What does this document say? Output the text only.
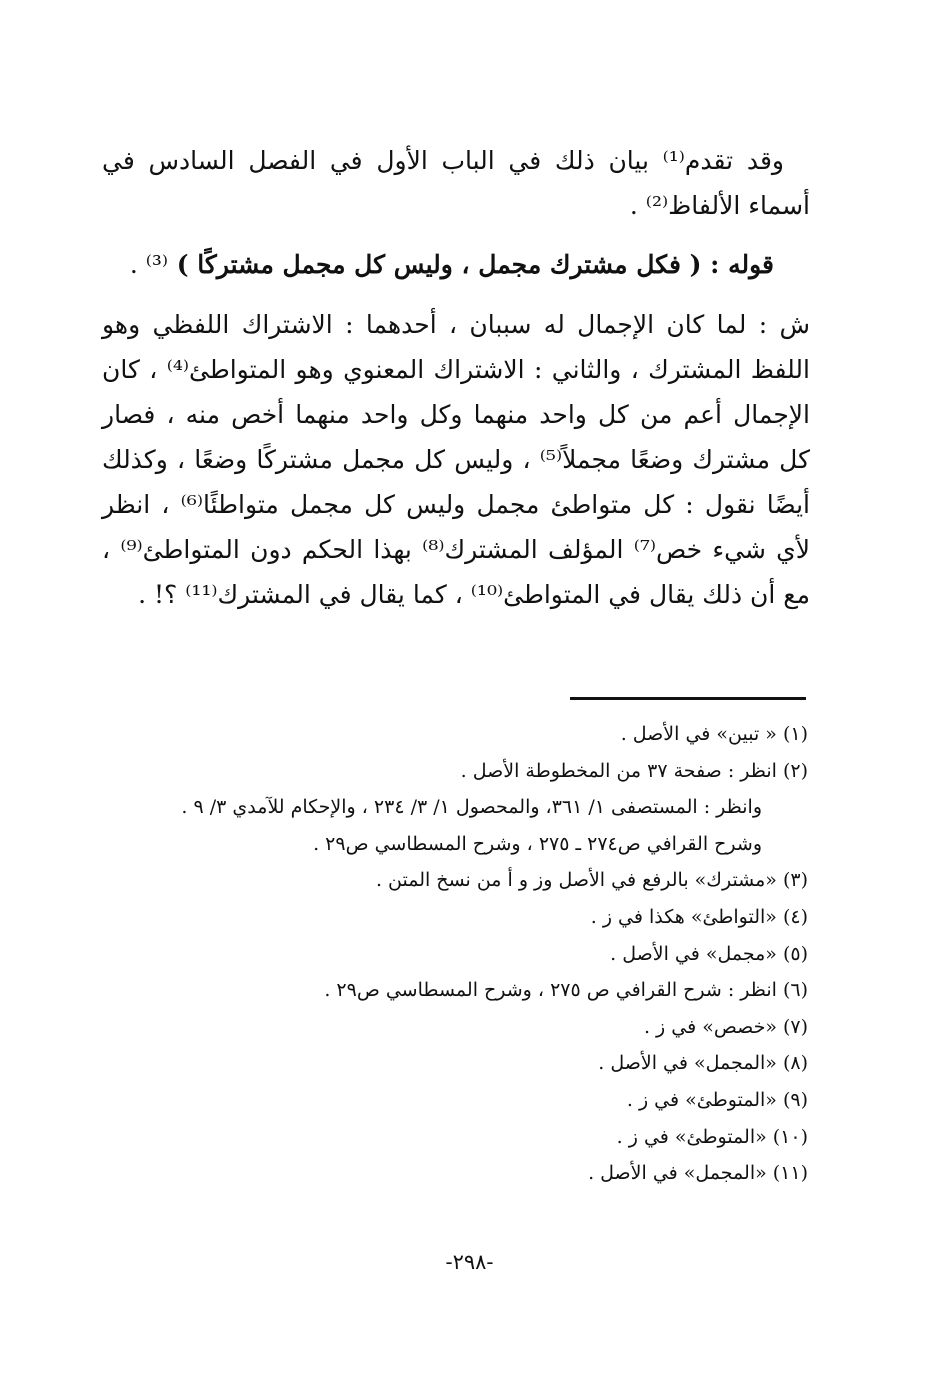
وقد تقدم⁽¹⁾ بيان ذلك في الباب الأول في الفصل السادس في أسماء الألفاظ⁽²⁾ .
قوله : ( فكل مشترك مجمل ، وليس كل مجمل مشتركًا ) ⁽³⁾ .
ش : لما كان الإجمال له سببان ، أحدهما : الاشتراك اللفظي وهو اللفظ المشترك ، والثاني : الاشتراك المعنوي وهو المتواطئ⁽⁴⁾ ، كان الإجمال أعم من كل واحد منهما وكل واحد منهما أخص منه ، فصار كل مشترك وضعًا مجملاً⁽⁵⁾ ، وليس كل مجمل مشتركًا وضعًا ، وكذلك أيضًا نقول : كل متواطئ مجمل وليس كل مجمل متواطئًا⁽⁶⁾ ، انظر لأي شيء خص⁽⁷⁾ المؤلف المشترك⁽⁸⁾ بهذا الحكم دون المتواطئ⁽⁹⁾ ، مع أن ذلك يقال في المتواطئ⁽¹⁰⁾ ، كما يقال في المشترك⁽¹¹⁾ ؟! .
(١)« تبين» في الأصل .
(٢)انظر : صفحة ٣٧ من المخطوطة الأصل .
وانظر : المستصفى ١/ ٣٦١، والمحصول ١/ ٣/ ٢٣٤ ، والإحكام للآمدي ٣/ ٩ .
وشرح القرافي ص٢٧٤ ـ ٢٧٥ ، وشرح المسطاسي ص٢٩ .
(٣)«مشترك» بالرفع في الأصل وز و أ من نسخ المتن .
(٤)«التواطئ» هكذا في ز .
(٥)«مجمل» في الأصل .
(٦)انظر : شرح القرافي ص ٢٧٥ ، وشرح المسطاسي ص٢٩ .
(٧)«خصص» في ز .
(٨)«المجمل» في الأصل .
(٩)«المتوطئ» في ز .
(١٠)«المتوطئ» في ز .
(١١)«المجمل» في الأصل .
-٢٩٨-
